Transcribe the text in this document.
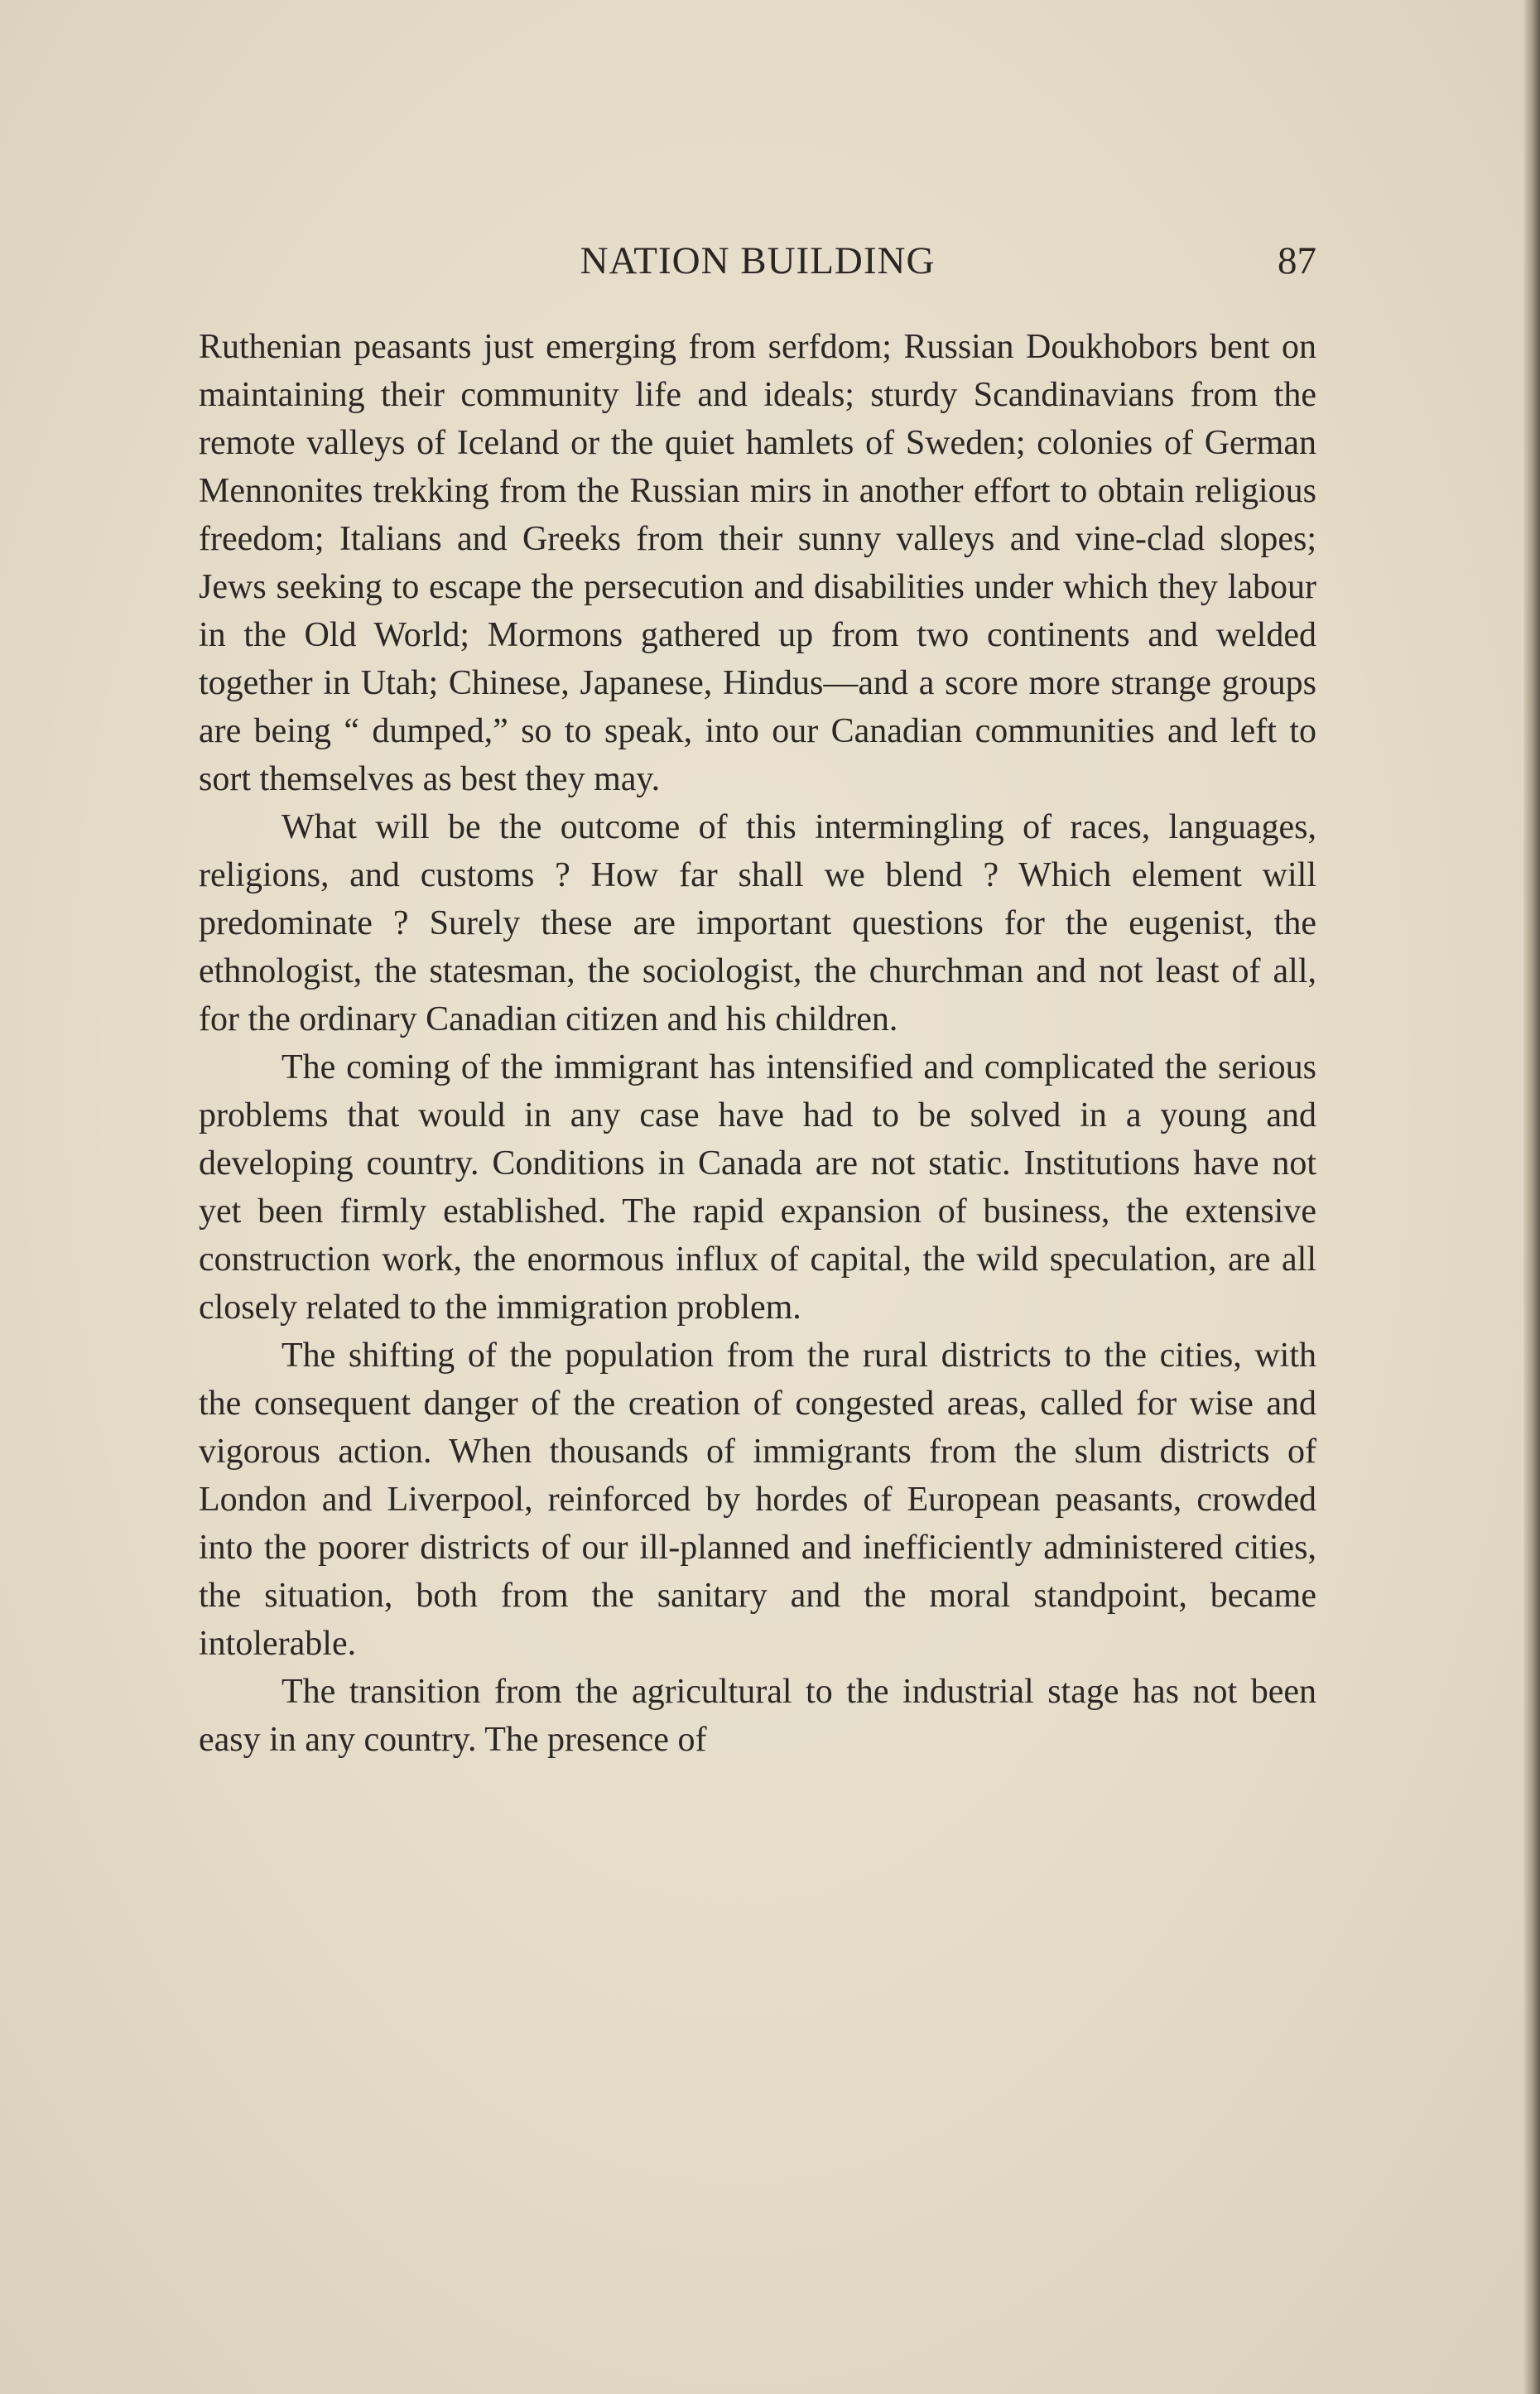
NATION BUILDING	87

Ruthenian peasants just emerging from serfdom; Russian Doukhobors bent on maintaining their community life and ideals; sturdy Scandinavians from the remote valleys of Iceland or the quiet hamlets of Sweden; colonies of German Mennonites trekking from the Russian mirs in another effort to obtain religious freedom; Italians and Greeks from their sunny valleys and vine-clad slopes; Jews seeking to escape the persecution and disabilities under which they labour in the Old World; Mormons gathered up from two continents and welded together in Utah; Chinese, Japanese, Hindus—and a score more strange groups are being “ dumped,” so to speak, into our Canadian communities and left to sort themselves as best they may.

What will be the outcome of this intermingling of races, languages, religions, and customs ? How far shall we blend ? Which element will predominate ? Surely these are important questions for the eugenist, the ethnologist, the statesman, the sociologist, the churchman and not least of all, for the ordinary Canadian citizen and his children.

The coming of the immigrant has intensified and complicated the serious problems that would in any case have had to be solved in a young and developing country. Conditions in Canada are not static. Institutions have not yet been firmly established. The rapid expansion of business, the extensive construction work, the enormous influx of capital, the wild speculation, are all closely related to the immigration problem.

The shifting of the population from the rural districts to the cities, with the consequent danger of the creation of congested areas, called for wise and vigorous action. When thousands of immigrants from the slum districts of London and Liverpool, reinforced by hordes of European peasants, crowded into the poorer districts of our ill-planned and inefficiently administered cities, the situation, both from the sanitary and the moral standpoint, became intolerable.

The transition from the agricultural to the industrial stage has not been easy in any country. The presence of
